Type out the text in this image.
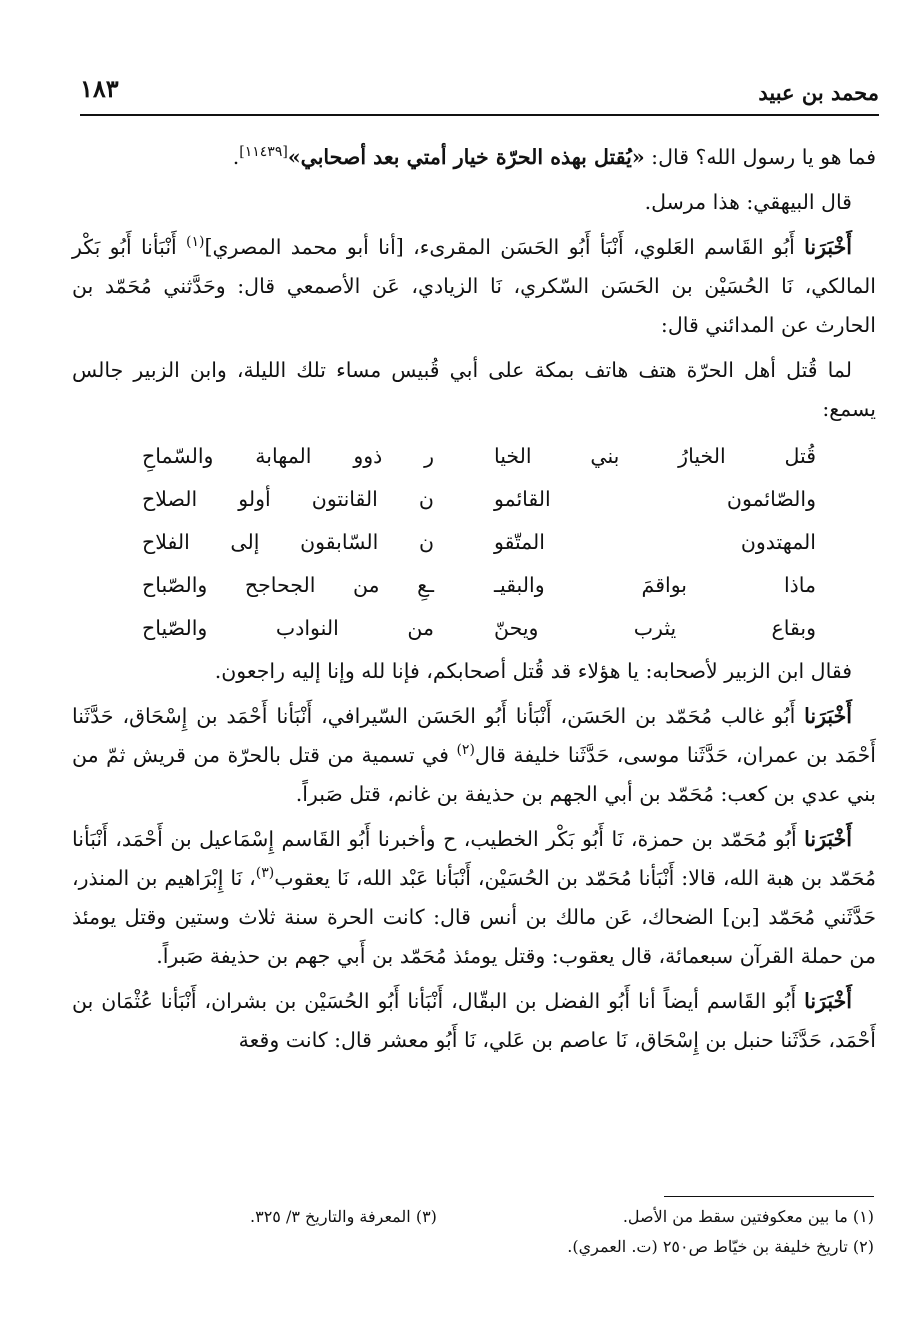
محمد بن عبيد
١٨٣

فما هو يا رسول الله؟ قال: «يُقتل بهذه الحرّة خيار أمتي بعد أصحابي»[١١٤٣٩].

قال البيهقي: هذا مرسل.

أَخْبَرَنا أَبُو القَاسم العَلوي، أَنْبَأ أَبُو الحَسَن المقرىء، [أنا أبو محمد المصري]$^{(١)}$ أَنْبَأنا أَبُو بَكْر المالكي، نَا الحُسَيْن بن الحَسَن السّكري، نَا الزيادي، عَن الأصمعي قال: وحَدَّثني مُحَمّد بن الحارث عن المدائني قال:

لما قُتل أهل الحرّة هتف هاتف بمكة على أبي قُبيس مساء تلك الليلة، وابن الزبير جالس يسمع:

قُتل الخيارُ بني الخيا
ر ذوو المهابة والسّماحِ
والصّائمون القائمو
ن القانتون أولو الصلاح
المهتدون المتّقو
ن السّابقون إلى الفلاح
ماذا بواقمَ والبقيـ
ـعِ من الجحاجح والصّباح
وبقاع يثرب ويحنّ
من النوادب والصّياح

فقال ابن الزبير لأصحابه: يا هؤلاء قد قُتل أصحابكم، فإنا لله وإنا إليه راجعون.

أَخْبَرَنا أَبُو غالب مُحَمّد بن الحَسَن، أَنْبَأنا أَبُو الحَسَن السّيرافي، أَنْبَأنا أَحْمَد بن إِسْحَاق، حَدَّثَنا أَحْمَد بن عمران، حَدَّثَنا موسى، حَدَّثَنا خليفة قال$^{(٢)}$ في تسمية من قتل بالحرّة من قريش ثمّ من بني عدي بن كعب: مُحَمّد بن أبي الجهم بن حذيفة بن غانم، قتل صَبراً.

أَخْبَرَنا أَبُو مُحَمّد بن حمزة، نَا أَبُو بَكْر الخطيب، ح وأخبرنا أَبُو القَاسم إِسْمَاعيل بن أَحْمَد، أَنْبَأنا مُحَمّد بن هبة الله، قالا: أَنْبَأنا مُحَمّد بن الحُسَيْن، أَنْبَأنا عَبْد الله، نَا يعقوب$^{(٣)}$، نَا إِبْرَاهيم بن المنذر، حَدَّثَني مُحَمّد [بن] الضحاك، عَن مالك بن أنس قال: كانت الحرة سنة ثلاث وستين وقتل يومئذ من حملة القرآن سبعمائة، قال يعقوب: وقتل يومئذ مُحَمّد بن أَبي جهم بن حذيفة صَبراً.

أَخْبَرَنا أَبُو القَاسم أيضاً أنا أَبُو الفضل بن البقّال، أَنْبَأنا أَبُو الحُسَيْن بن بشران، أَنْبَأنا عُثْمَان بن أَحْمَد، حَدَّثَنا حنبل بن إِسْحَاق، نَا عاصم بن عَلي، نَا أَبُو معشر قال: كانت وقعة

(١) ما بين معكوفتين سقط من الأصل.
(٣) المعرفة والتاريخ ٣/ ٣٢٥.
(٢) تاريخ خليفة بن خيّاط ص٢٥٠ (ت. العمري).
